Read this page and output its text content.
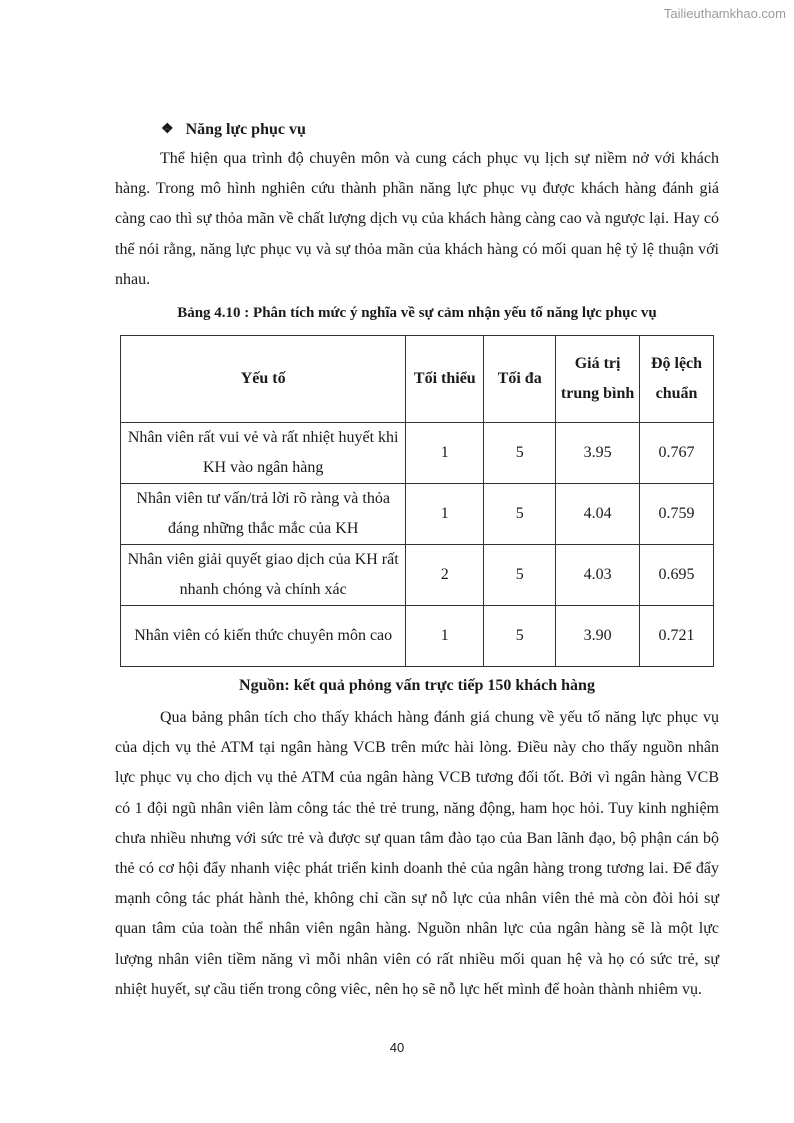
Tailieuthamkhao.com
❖ Năng lực phục vụ

Thể hiện qua trình độ chuyên môn và cung cách phục vụ lịch sự niềm nở với khách hàng. Trong mô hình nghiên cứu thành phần năng lực phục vụ được khách hàng đánh giá càng cao thì sự thỏa mãn về chất lượng dịch vụ của khách hàng càng cao và ngược lại. Hay có thể nói rằng, năng lực phục vụ và sự thỏa mãn của khách hàng có mối quan hệ tỷ lệ thuận với nhau.

Bảng 4.10 : Phân tích mức ý nghĩa về sự cảm nhận yếu tố năng lực phục vụ
Yếu tố	Tối thiểu	Tối đa	Giá trị trung bình	Độ lệch chuẩn
Nhân viên rất vui vẻ và rất nhiệt huyết khi KH vào ngân hàng	1	5	3.95	0.767
Nhân viên tư vấn/trả lời rõ ràng và thỏa đáng những thắc mắc của KH	1	5	4.04	0.759
Nhân viên giải quyết giao dịch của KH rất nhanh chóng và chính xác	2	5	4.03	0.695
Nhân viên có kiến thức chuyên môn cao	1	5	3.90	0.721
Nguồn: kết quả phỏng vấn trực tiếp 150 khách hàng

Qua bảng phân tích cho thấy khách hàng đánh giá chung về yếu tố năng lực phục vụ của dịch vụ thẻ ATM tại ngân hàng VCB trên mức hài lòng. Điều này cho thấy nguồn nhân lực phục vụ cho dịch vụ thẻ ATM của ngân hàng VCB tương đối tốt. Bởi vì ngân hàng VCB có 1 đội ngũ nhân viên làm công tác thẻ trẻ trung, năng động, ham học hỏi. Tuy kinh nghiệm chưa nhiều nhưng với sức trẻ và được sự quan tâm đào tạo của Ban lãnh đạo, bộ phận cán bộ thẻ có cơ hội đẩy nhanh việc phát triển kinh doanh thẻ của ngân hàng trong tương lai. Để đẩy mạnh công tác phát hành thẻ, không chỉ cần sự nỗ lực của nhân viên thẻ mà còn đòi hỏi sự quan tâm của toàn thể nhân viên ngân hàng. Nguồn nhân lực của ngân hàng sẽ là một lực lượng nhân viên tiềm năng vì mỗi nhân viên có rất nhiều mối quan hệ và họ có sức trẻ, sự nhiệt huyết, sự cầu tiến trong công viêc, nên họ sẽ nỗ lực hết mình để hoàn thành nhiêm vụ.

40
